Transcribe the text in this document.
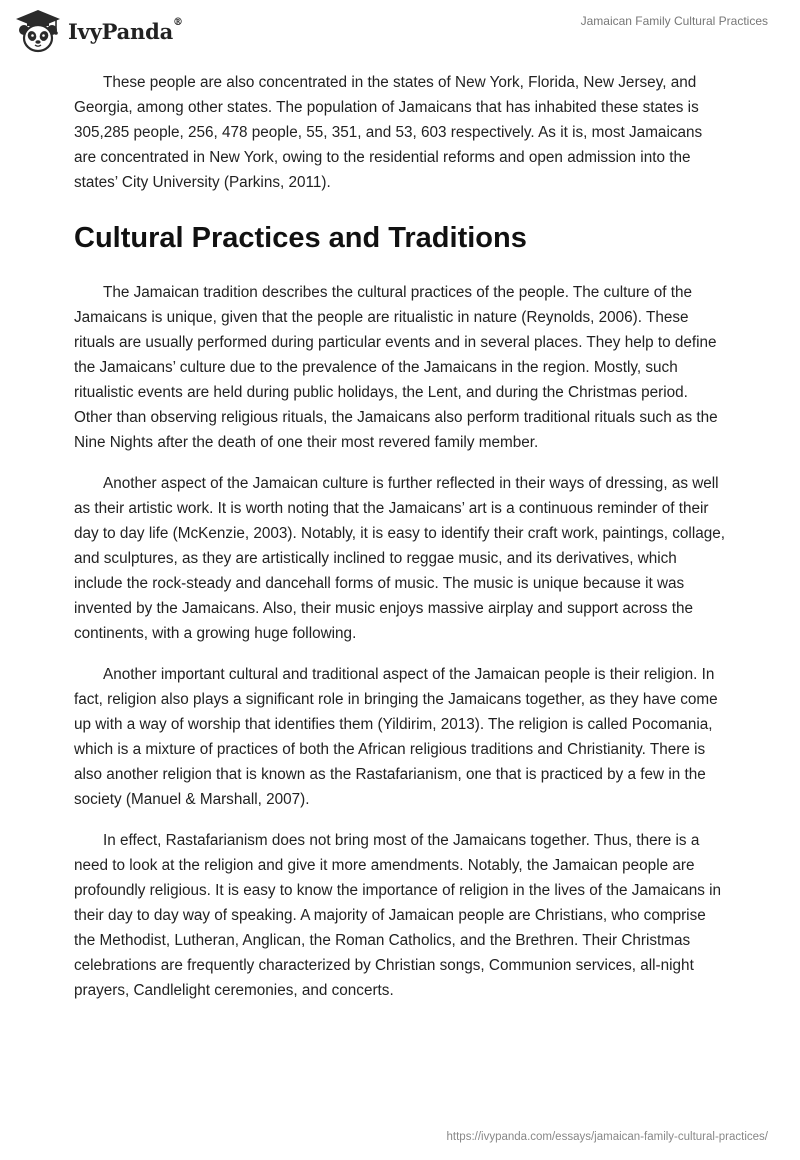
IvyPanda®	Jamaican Family Cultural Practices

These people are also concentrated in the states of New York, Florida, New Jersey, and Georgia, among other states. The population of Jamaicans that has inhabited these states is 305,285 people, 256, 478 people, 55, 351, and 53, 603 respectively. As it is, most Jamaicans are concentrated in New York, owing to the residential reforms and open admission into the states’ City University (Parkins, 2011).

Cultural Practices and Traditions

The Jamaican tradition describes the cultural practices of the people. The culture of the Jamaicans is unique, given that the people are ritualistic in nature (Reynolds, 2006). These rituals are usually performed during particular events and in several places. They help to define the Jamaicans’ culture due to the prevalence of the Jamaicans in the region. Mostly, such ritualistic events are held during public holidays, the Lent, and during the Christmas period. Other than observing religious rituals, the Jamaicans also perform traditional rituals such as the Nine Nights after the death of one their most revered family member.

Another aspect of the Jamaican culture is further reflected in their ways of dressing, as well as their artistic work. It is worth noting that the Jamaicans’ art is a continuous reminder of their day to day life (McKenzie, 2003). Notably, it is easy to identify their craft work, paintings, collage, and sculptures, as they are artistically inclined to reggae music, and its derivatives, which include the rock-steady and dancehall forms of music. The music is unique because it was invented by the Jamaicans. Also, their music enjoys massive airplay and support across the continents, with a growing huge following.

Another important cultural and traditional aspect of the Jamaican people is their religion. In fact, religion also plays a significant role in bringing the Jamaicans together, as they have come up with a way of worship that identifies them (Yildirim, 2013). The religion is called Pocomania, which is a mixture of practices of both the African religious traditions and Christianity. There is also another religion that is known as the Rastafarianism, one that is practiced by a few in the society (Manuel & Marshall, 2007).

In effect, Rastafarianism does not bring most of the Jamaicans together. Thus, there is a need to look at the religion and give it more amendments. Notably, the Jamaican people are profoundly religious. It is easy to know the importance of religion in the lives of the Jamaicans in their day to day way of speaking. A majority of Jamaican people are Christians, who comprise the Methodist, Lutheran, Anglican, the Roman Catholics, and the Brethren. Their Christmas celebrations are frequently characterized by Christian songs, Communion services, all-night prayers, Candlelight ceremonies, and concerts.

https://ivypanda.com/essays/jamaican-family-cultural-practices/
